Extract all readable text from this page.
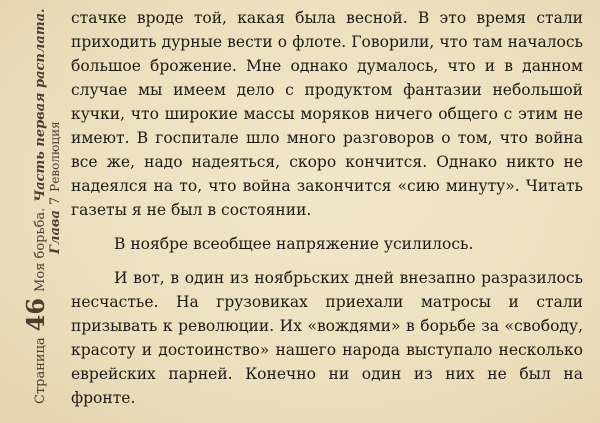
Страница
46
Моя борьба.
Часть первая расплата.
Глава
7
Революция

стачке вроде той, какая была весной. В это время стали приходить дурные вести о флоте. Говорили, что там началось большое брожение. Мне однако думалось, что и в данном случае мы имеем дело с продуктом фантазии небольшой кучки, что широкие массы моряков ничего общего с этим не имеют. В госпитале шло много разговоров о том, что война все же, надо надеяться, скоро кончится. Однако никто не надеялся на то, что война закончится «сию минуту». Читать газеты я не был в состоянии.

В ноябре всеобщее напряжение усилилось.

И вот, в один из ноябрьских дней внезапно разразилось несчастье. На грузовиках приехали матросы и стали призывать к революции. Их «вождями» в борьбе за «свободу, красоту и достоинство» нашего народа выступало несколько еврейских парней. Конечно ни один из них не был на фронте.
